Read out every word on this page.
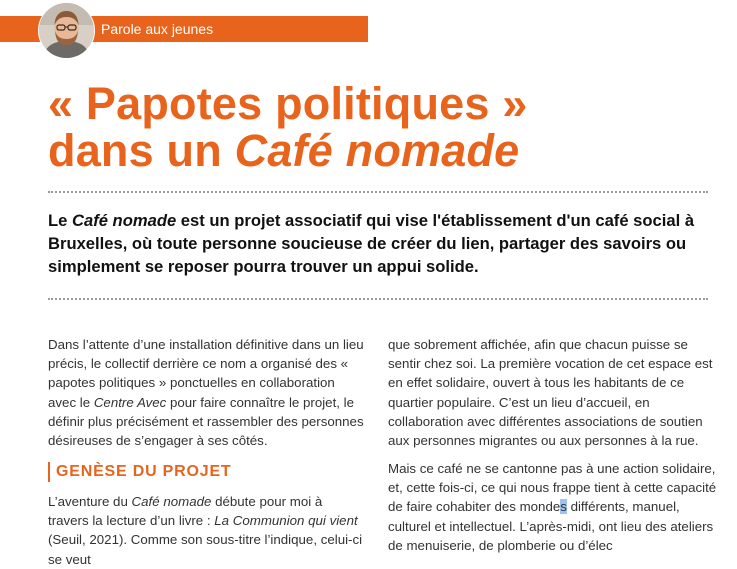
Parole aux jeunes
« Papotes politiques »
dans un Café nomade

Le Café nomade est un projet associatif qui vise l'établissement d'un café social à Bruxelles, où toute personne soucieuse de créer du lien, partager des savoirs ou simplement se reposer pourra trouver un appui solide.

Dans l’attente d’une installation définitive dans un lieu précis, le collectif derrière ce nom a organisé des « papotes politiques » ponctuelles en collaboration avec le Centre Avec pour faire connaître le projet, le définir plus précisément et rassembler des personnes désireuses de s’engager à ses côtés.

GENÈSE DU PROJET

L’aventure du Café nomade débute pour moi à travers la lecture d’un livre : La Communion qui vient (Seuil, 2021). Comme son sous-titre l’indique, celui-ci se veut

que sobrement affichée, afin que chacun puisse se sentir chez soi. La première vocation de cet espace est en effet solidaire, ouvert à tous les habitants de ce quartier populaire. C’est un lieu d’accueil, en collaboration avec différentes associations de soutien aux personnes migrantes ou aux personnes à la rue.

Mais ce café ne se cantonne pas à une action solidaire, et, cette fois-ci, ce qui nous frappe tient à cette capacité de faire cohabiter des mondes différents, manuel, culturel et intellectuel. L’après-midi, ont lieu des ateliers de menuiserie, de plomberie ou d’élec
